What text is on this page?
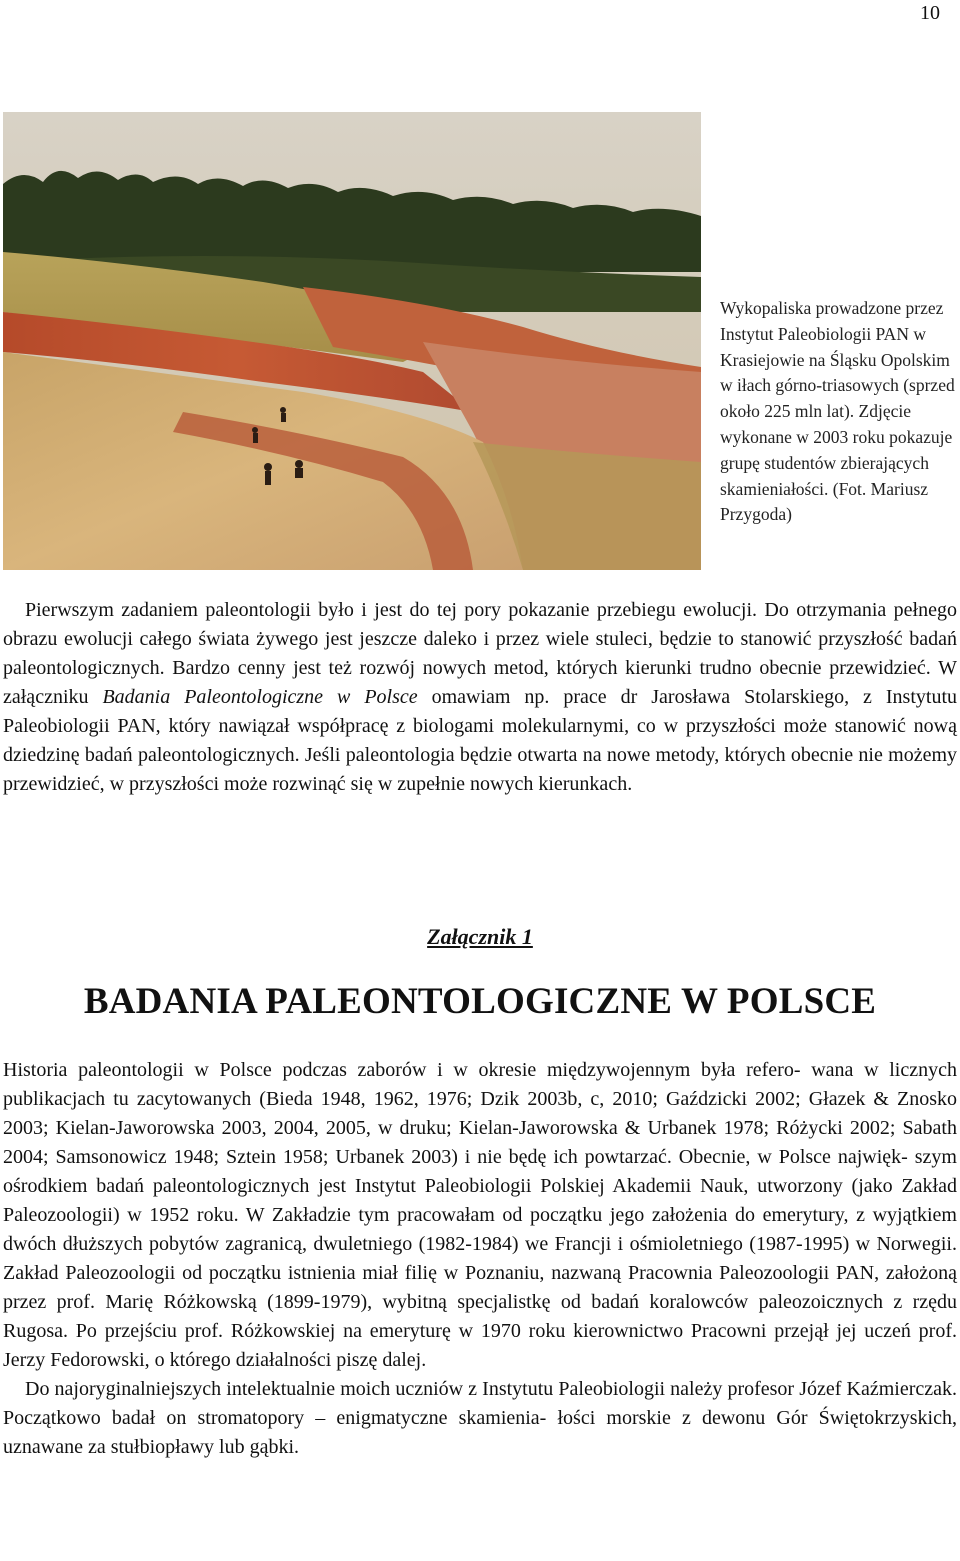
10
Wykopaliska prowadzone przez Instytut Paleobiologii PAN w Krasiejowie na Śląsku Opolskim w iłach górno-triasowych (sprzed około 225 mln lat). Zdjęcie wykonane w 2003 roku pokazuje grupę studentów zbierających skamieniałości. (Fot. Mariusz Przygoda)

Pierwszym zadaniem paleontologii było i jest do tej pory pokazanie przebiegu ewolucji. Do otrzymania pełnego obrazu ewolucji całego świata żywego jest jeszcze daleko i przez wiele stuleci, będzie to stanowić przyszłość badań paleontologicznych. Bardzo cenny jest też rozwój nowych metod, których kierunki trudno obecnie przewidzieć. W załączniku Badania Paleontologiczne w Polsce omawiam np. prace dr Jarosława Stolarskiego, z Instytutu Paleobiologii PAN, który nawiązał współpracę z biologami molekularnymi, co w przyszłości może stanowić nową dziedzinę badań paleontologicznych. Jeśli paleontologia będzie otwarta na nowe metody, których obecnie nie możemy przewidzieć, w przyszłości może rozwinąć się w zupełnie nowych kierunkach.

Załącznik 1
BADANIA PALEONTOLOGICZNE W POLSCE

Historia paleontologii w Polsce podczas zaborów i w okresie międzywojennym była refero- wana w licznych publikacjach tu zacytowanych (Bieda 1948, 1962, 1976; Dzik 2003b, c, 2010; Gaździcki 2002; Głazek & Znosko 2003; Kielan-Jaworowska 2003, 2004, 2005, w druku; Kielan-Jaworowska & Urbanek 1978; Różycki 2002; Sabath 2004; Samsonowicz 1948; Sztein 1958; Urbanek 2003) i nie będę ich powtarzać. Obecnie, w Polsce najwięk- szym ośrodkiem badań paleontologicznych jest Instytut Paleobiologii Polskiej Akademii Nauk, utworzony (jako Zakład Paleozoologii) w 1952 roku. W Zakładzie tym pracowałam od początku jego założenia do emerytury, z wyjątkiem dwóch dłuższych pobytów zagranicą, dwuletniego (1982-1984) we Francji i ośmioletniego (1987-1995) w Norwegii. Zakład Paleozoologii od początku istnienia miał filię w Poznaniu, nazwaną Pracownia Paleozoologii PAN, założoną przez prof. Marię Różkowską (1899-1979), wybitną specjalistkę od badań koralowców paleozoicznych z rzędu Rugosa. Po przejściu prof. Różkowskiej na emeryturę w 1970 roku kierownictwo Pracowni przejął jej uczeń prof. Jerzy Fedorowski, o którego działalności piszę dalej.

Do najoryginalniejszych intelektualnie moich uczniów z Instytutu Paleobiologii należy profesor Józef Kaźmierczak. Początkowo badał on stromatopory – enigmatyczne skamienia- łości morskie z dewonu Gór Świętokrzyskich, uznawane za stułbiopławy lub gąbki.
